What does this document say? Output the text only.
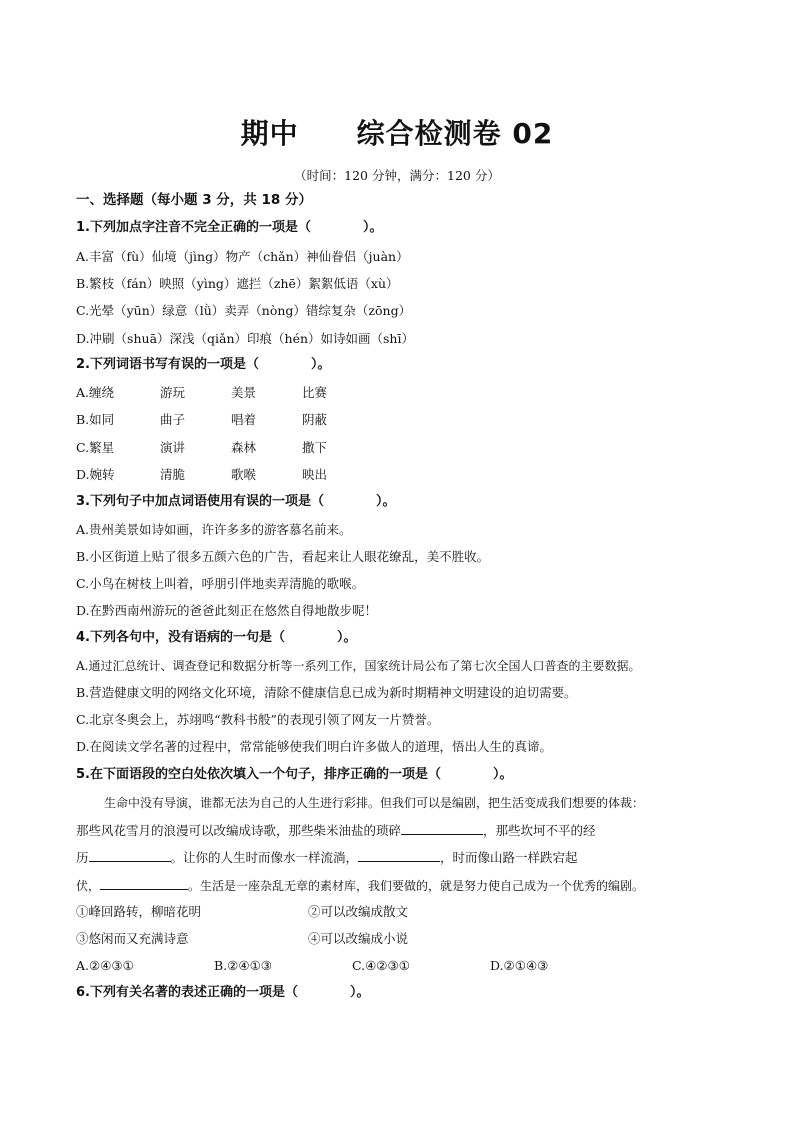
期中 综合检测卷 02
（时间：120 分钟，满分：120 分）
一、选择题（每小题 3 分，共 18 分）
1.下列加点字注音不完全正确的一项是（　　　　）。
A.丰富（fù）仙境（jìng）物产（chǎn）神仙眷侣（juàn）
B.繁枝（fán）映照（yìng）遮拦（zhē）絮絮低语（xù）
C.光晕（yūn）绿意（lǜ）卖弄（nòng）错综复杂（zōng）
D.冲刷（shuā）深浅（qiǎn）印痕（hén）如诗如画（shī）
2.下列词语书写有误的一项是（　　　　）。
A.缠绕	游玩	美景	比赛
B.如同	曲子	唱着	阴蔽
C.繁星	演讲	森林	撒下
D.婉转	清脆	歌喉	映出
3.下列句子中加点词语使用有误的一项是（　　　　）。
A.贵州美景如诗如画，许许多多的游客慕名前来。
B.小区街道上贴了很多五颜六色的广告，看起来让人眼花缭乱，美不胜收。
C.小鸟在树枝上叫着，呼朋引伴地卖弄清脆的歌喉。
D.在黔西南州游玩的爸爸此刻正在悠然自得地散步呢！
4.下列各句中，没有语病的一句是（　　　　）。
A.通过汇总统计、调查登记和数据分析等一系列工作，国家统计局公布了第七次全国人口普查的主要数据。
B.营造健康文明的网络文化环境，清除不健康信息已成为新时期精神文明建设的迫切需要。
C.北京冬奥会上，苏翊鸣“教科书般”的表现引领了网友一片赞誉。
D.在阅读文学名著的过程中，常常能够使我们明白许多做人的道理，悟出人生的真谛。
5.在下面语段的空白处依次填入一个句子，排序正确的一项是（　　　　）。
生命中没有导演，谁都无法为自己的人生进行彩排。但我们可以是编剧，把生活变成我们想要的体裁：
那些风花雪月的浪漫可以改编成诗歌，那些柴米油盐的琐碎	，那些坎坷不平的经
历	。让你的人生时而像水一样流淌，	，时而像山路一样跌宕起
伏，	。生活是一座杂乱无章的素材库，我们要做的，就是努力使自己成为一个优秀的编剧。
①峰回路转，柳暗花明	②可以改编成散文
③悠闲而又充满诗意	④可以改编成小说
A.②④③①	B.②④①③	C.④②③①	D.②①④③
6.下列有关名著的表述正确的一项是（　　　　）。
